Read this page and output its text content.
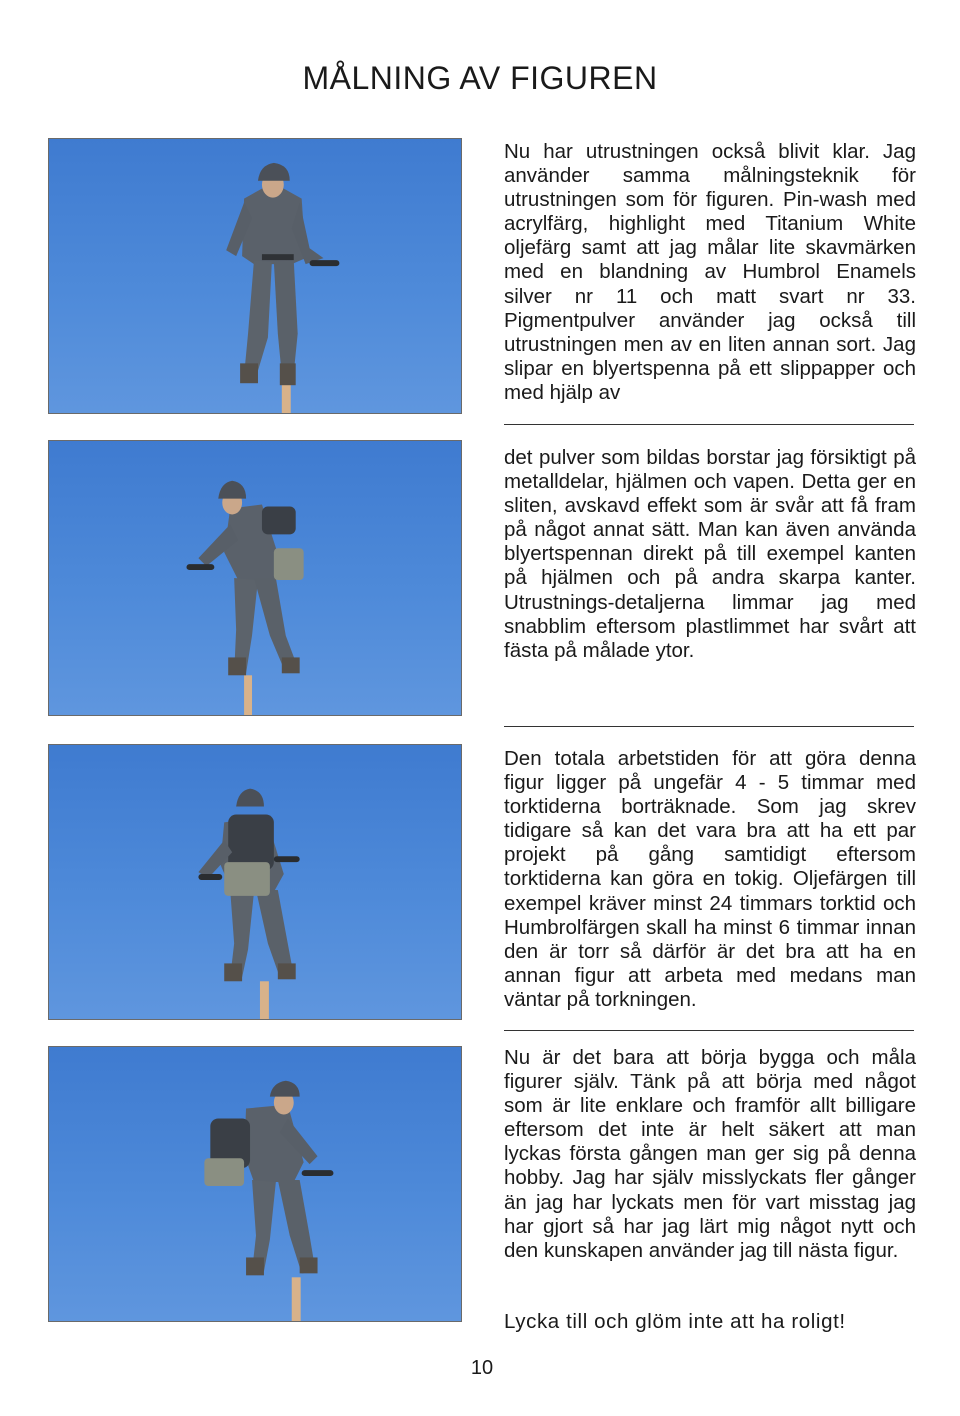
MÅLNING AV FIGUREN
Nu har utrustningen också blivit klar. Jag använder samma målningsteknik för utrustningen som för figuren. Pin-wash med acrylfärg, highlight med Titanium White oljefärg samt att jag målar lite skavmärken med en blandning av Humbrol Enamels silver nr 11 och matt svart nr 33. Pigmentpulver använder jag också till utrustningen men av en liten annan sort. Jag slipar en blyertspenna på ett slippapper och med hjälp av
det pulver som bildas borstar jag försiktigt på metalldelar, hjälmen och vapen. Detta ger en sliten, avskavd effekt som är svår att få fram på något annat sätt. Man kan även använda blyertspennan direkt på till exempel kanten på hjälmen och på andra skarpa kanter. Utrustnings-detaljerna limmar jag med snabblim eftersom plastlimmet har svårt att fästa på målade ytor.
Den totala arbetstiden för att göra denna figur ligger på ungefär 4 - 5 timmar med torktiderna borträknade. Som jag skrev tidigare så kan det vara bra att ha ett par projekt på gång samtidigt eftersom torktiderna kan göra en tokig. Oljefärgen till exempel kräver minst 24 timmars torktid och Humbrolfärgen skall ha minst 6 timmar innan den är torr så därför är det bra att ha en annan figur att arbeta med medans man väntar på torkningen.
Nu är det bara att börja bygga och måla figurer själv. Tänk på att börja med något som är lite enklare och framför allt billigare eftersom det inte är helt säkert att man lyckas första gången man ger sig på denna hobby. Jag har själv misslyckats fler gånger än jag har lyckats men för vart misstag jag har gjort så har jag lärt mig något nytt och den kunskapen använder jag till nästa figur.
Lycka till och glöm inte att ha roligt!
10
